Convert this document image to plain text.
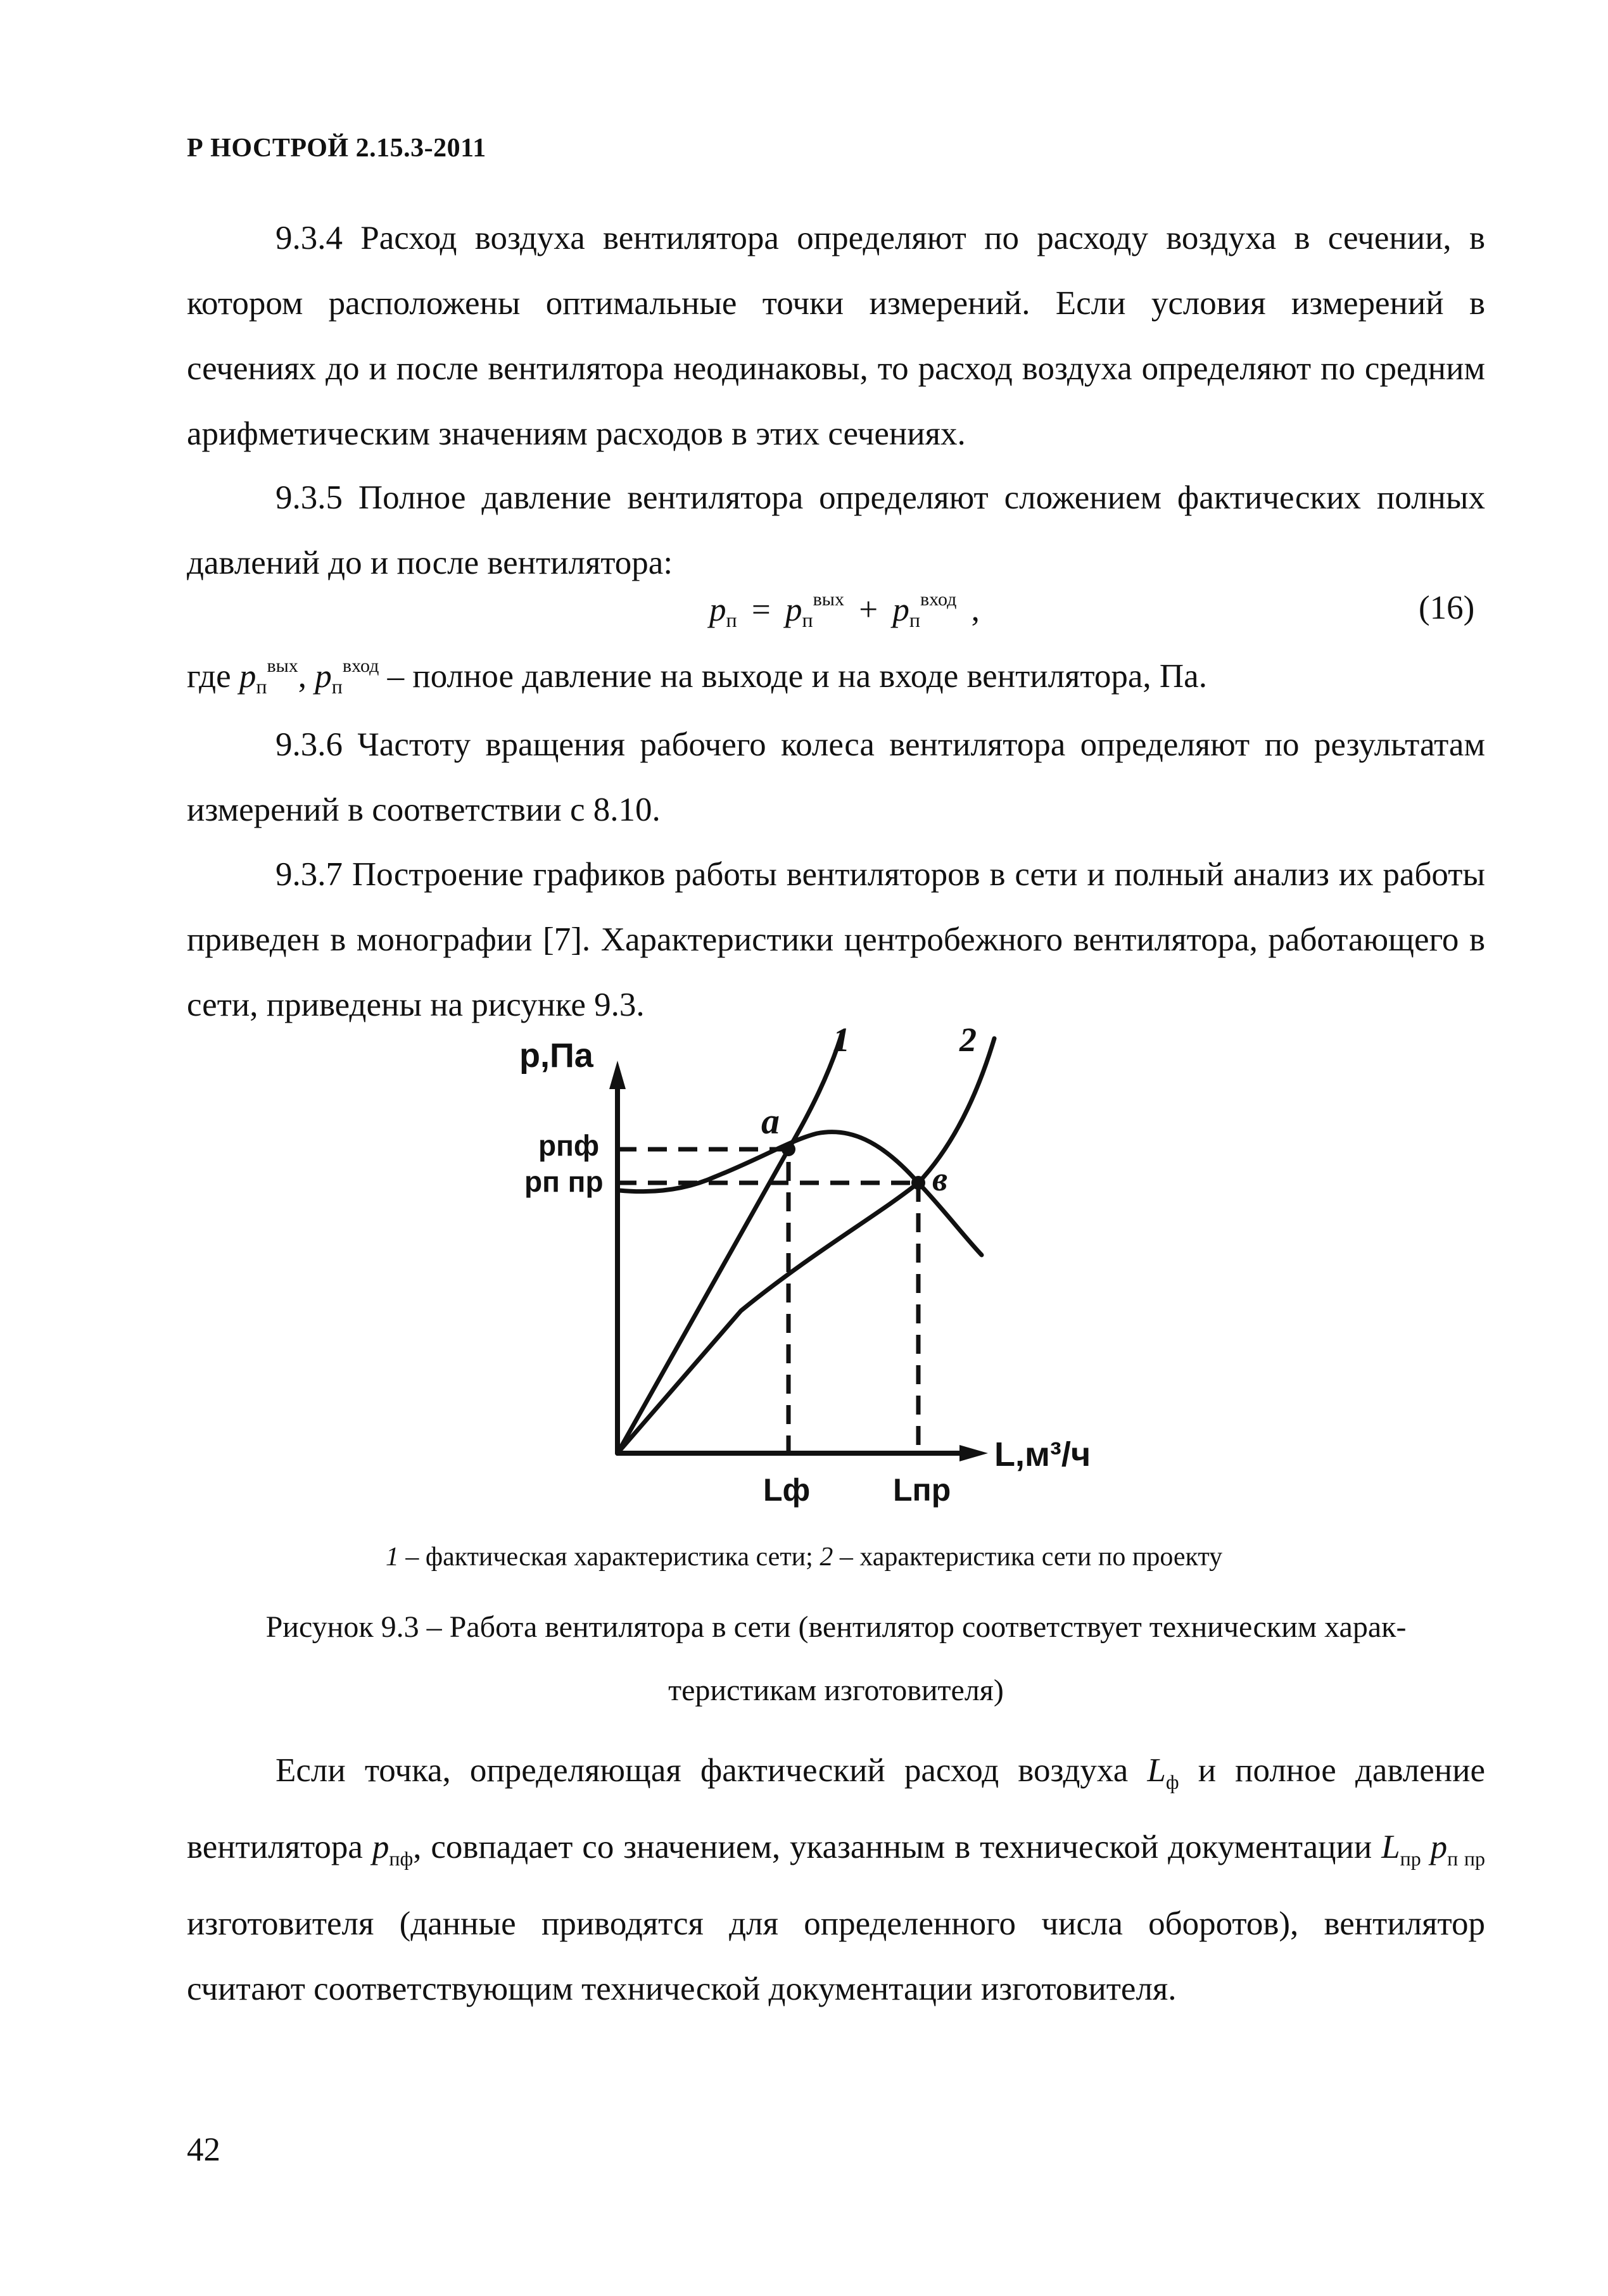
Р НОСТРОЙ 2.15.3-2011
9.3.4 Расход воздуха вентилятора определяют по расходу воздуха в сечении, в котором расположены оптимальные точки измерений. Если условия измерений в сечениях до и после вентилятора неодинаковы, то расход воздуха определяют по средним арифметическим значениям расходов в этих сечениях.
9.3.5 Полное давление вентилятора определяют сложением фактических полных давлений до и после вентилятора:
pп = $pп^{вых} + pп^{вход}$ ,	(16)
где $pп^{вых}$, $pп^{вход}$ – полное давление на выходе и на входе вентилятора, Па.
9.3.6 Частоту вращения рабочего колеса вентилятора определяют по результатам измерений в соответствии с 8.10.
9.3.7 Построение графиков работы вентиляторов в сети и полный анализ их работы приведен в монографии [7]. Характеристики центробежного вентилятора, работающего в сети, приведены на рисунке 9.3.
р,Па
L,м³/ч
1	2
а
в
рпф
рп пр
Lф	Lпр
1 – фактическая характеристика сети; 2 – характеристика сети по проекту
Рисунок 9.3 – Работа вентилятора в сети (вентилятор соответствует техническим харак-
теристикам изготовителя)
Если точка, определяющая фактический расход воздуха $L_ф$ и полное давление вентилятора $p_{пф}$, совпадает со значением, указанным в технической документации $L_{пр}$ $p_{п пр}$ изготовителя (данные приводятся для определенного числа оборотов), вентилятор считают соответствующим технической документации изготовителя.
42
